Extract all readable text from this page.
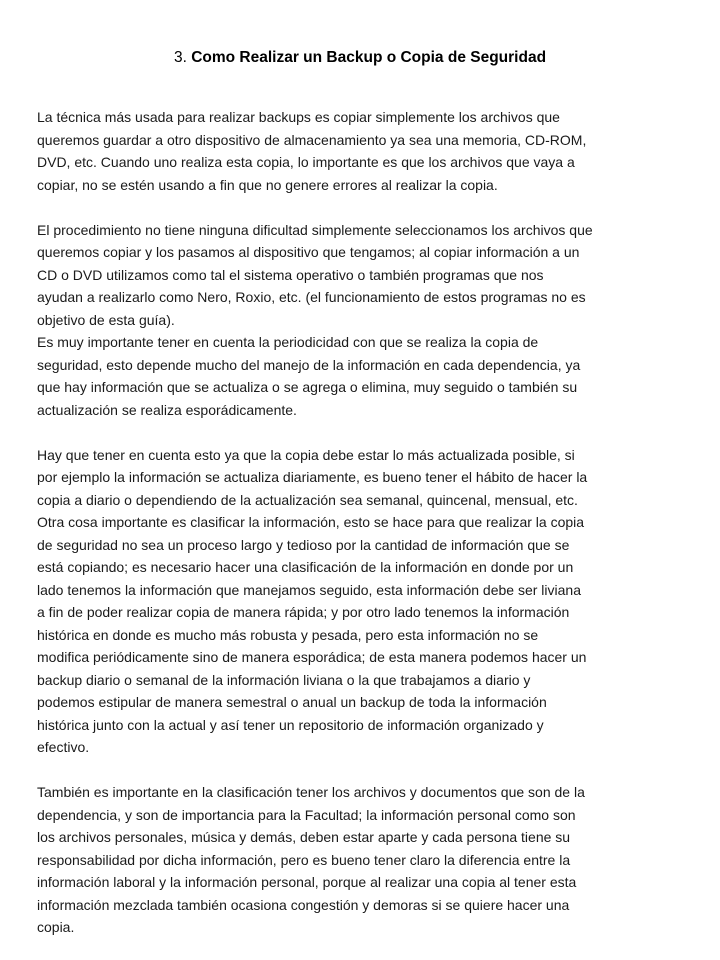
3. Como Realizar un Backup o Copia de Seguridad
La técnica más usada para realizar backups es copiar simplemente los archivos que
queremos guardar a otro dispositivo de almacenamiento ya sea una memoria, CD-ROM,
DVD, etc. Cuando uno realiza esta copia, lo importante es que los archivos que vaya a
copiar, no se estén usando a fin que no genere errores al realizar la copia.
El procedimiento no tiene ninguna dificultad simplemente seleccionamos los archivos que
queremos copiar y los pasamos al dispositivo que tengamos; al copiar información a un
CD o DVD utilizamos como tal el sistema operativo o también programas que nos
ayudan a realizarlo como Nero, Roxio, etc. (el funcionamiento de estos programas no es
objetivo de esta guía).
Es muy importante tener en cuenta la periodicidad con que se realiza la copia de
seguridad, esto depende mucho del manejo de la información en cada dependencia, ya
que hay información que se actualiza o se agrega o elimina, muy seguido o también su
actualización se realiza esporádicamente.
Hay que tener en cuenta esto ya que la copia debe estar lo más actualizada posible, si
por ejemplo la información se actualiza diariamente, es bueno tener el hábito de hacer la
copia a diario o dependiendo de la actualización sea semanal, quincenal, mensual, etc.
Otra cosa importante es clasificar la información, esto se hace para que realizar la copia
de seguridad no sea un proceso largo y tedioso por la cantidad de información que se
está copiando; es necesario hacer una clasificación de la información en donde por un
lado tenemos la información que manejamos seguido, esta información debe ser liviana
a fin de poder realizar copia de manera rápida; y por otro lado tenemos la información
histórica en donde es mucho más robusta y pesada, pero esta información no se
modifica periódicamente sino de manera esporádica; de esta manera podemos hacer un
backup diario o semanal de la información liviana o la que trabajamos a diario y
podemos estipular de manera semestral o anual un backup de toda la información
histórica junto con la actual y así tener un repositorio de información organizado y
efectivo.
También es importante en la clasificación tener los archivos y documentos que son de la
dependencia, y son de importancia para la Facultad; la información personal como son
los archivos personales, música y demás, deben estar aparte y cada persona tiene su
responsabilidad por dicha información, pero es bueno tener claro la diferencia entre la
información laboral y la información personal, porque al realizar una copia al tener esta
información mezclada también ocasiona congestión y demoras si se quiere hacer una
copia.
